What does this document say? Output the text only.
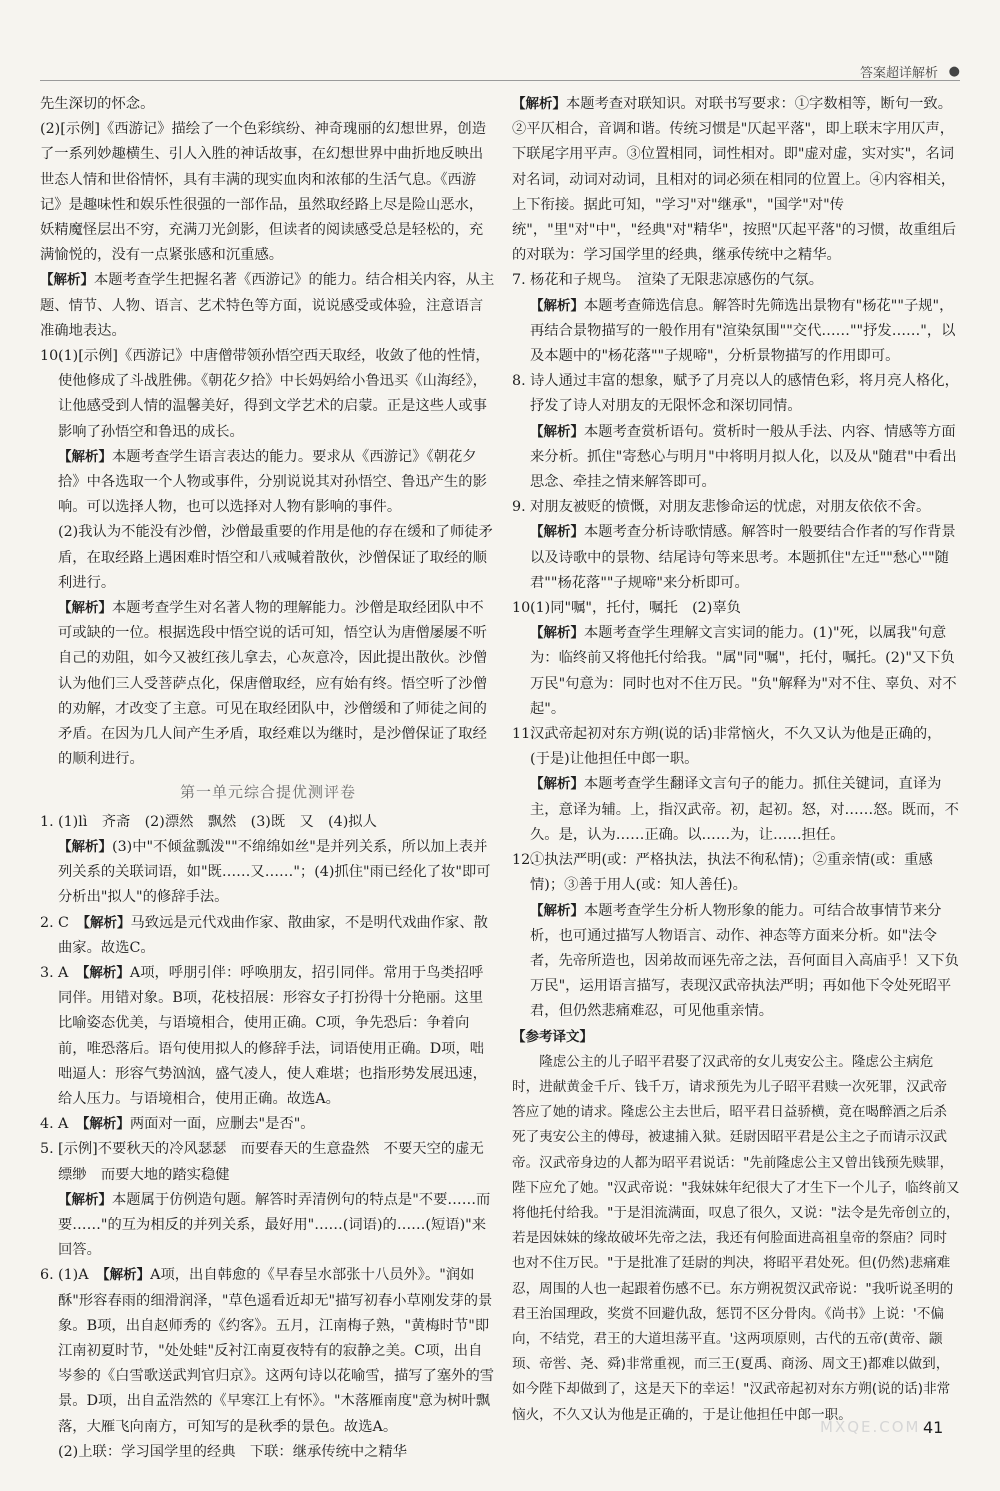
答案超详解析 ●

先生深切的怀念。

(2)[示例]《西游记》描绘了一个色彩缤纷、神奇瑰丽的幻想世界，创造了一系列妙趣横生、引人入胜的神话故事，在幻想世界中曲折地反映出世态人情和世俗情怀，具有丰满的现实血肉和浓郁的生活气息。《西游记》是趣味性和娱乐性很强的一部作品，虽然取经路上尽是险山恶水，妖精魔怪层出不穷，充满刀光剑影，但读者的阅读感受总是轻松的，充满愉悦的，没有一点紧张感和沉重感。

【解析】本题考查学生把握名著《西游记》的能力。结合相关内容，从主题、情节、人物、语言、艺术特色等方面，说说感受或体验，注意语言准确地表达。

10.(1)[示例]《西游记》中唐僧带领孙悟空西天取经，收敛了他的性情，使他修成了斗战胜佛。《朝花夕拾》中长妈妈给小鲁迅买《山海经》，让他感受到人情的温馨美好，得到文学艺术的启蒙。正是这些人或事影响了孙悟空和鲁迅的成长。

【解析】本题考查学生语言表达的能力。要求从《西游记》《朝花夕拾》中各选取一个人物或事件，分别说说其对孙悟空、鲁迅产生的影响。可以选择人物，也可以选择对人物有影响的事件。

(2)我认为不能没有沙僧，沙僧最重要的作用是他的存在缓和了师徒矛盾，在取经路上遇困难时悟空和八戒喊着散伙，沙僧保证了取经的顺利进行。

【解析】本题考查学生对名著人物的理解能力。沙僧是取经团队中不可或缺的一位。根据选段中悟空说的话可知，悟空认为唐僧屡屡不听自己的劝阻，如今又被红孩儿拿去，心灰意冷，因此提出散伙。沙僧认为他们三人受菩萨点化，保唐僧取经，应有始有终。悟空听了沙僧的劝解，才改变了主意。可见在取经团队中，沙僧缓和了师徒之间的矛盾。在因为几人间产生矛盾，取经难以为继时，是沙僧保证了取经的顺利进行。

第一单元综合提优测评卷

1. (1)lì　齐斋　(2)漂然　飘然　(3)既　又　(4)拟人

【解析】(3)中"不倾盆瓢泼""不绵绵如丝"是并列关系，所以加上表并列关系的关联词语，如"既……又……"；(4)抓住"雨已经化了妆"即可分析出"拟人"的修辞手法。

2. C　【解析】马致远是元代戏曲作家、散曲家，不是明代戏曲作家、散曲家。故选C。

3. A　【解析】A项，呼朋引伴：呼唤朋友，招引同伴。常用于鸟类招呼同伴。用错对象。B项，花枝招展：形容女子打扮得十分艳丽。这里比喻姿态优美，与语境相合，使用正确。C项，争先恐后：争着向前，唯恐落后。语句使用拟人的修辞手法，词语使用正确。D项，咄咄逼人：形容气势汹汹，盛气凌人，使人难堪；也指形势发展迅速，给人压力。与语境相合，使用正确。故选A。

4. A　【解析】两面对一面，应删去"是否"。

5. [示例]不要秋天的冷风瑟瑟　而要春天的生意盎然　不要天空的虚无缥缈　而要大地的踏实稳健

【解析】本题属于仿例造句题。解答时弄清例句的特点是"不要……而要……"的互为相反的并列关系，最好用"……(词语)的……(短语)"来回答。

6. (1)A　【解析】A项，出自韩愈的《早春呈水部张十八员外》。"润如酥"形容春雨的细滑润泽，"草色遥看近却无"描写初春小草刚发芽的景象。B项，出自赵师秀的《约客》。五月，江南梅子熟，"黄梅时节"即江南初夏时节，"处处蛙"反衬江南夏夜特有的寂静之美。C项，出自岑参的《白雪歌送武判官归京》。这两句诗以花喻雪，描写了塞外的雪景。D项，出自孟浩然的《早寒江上有怀》。"木落雁南度"意为树叶飘落，大雁飞向南方，可知写的是秋季的景色。故选A。

(2)上联：学习国学里的经典　下联：继承传统中之精华

【解析】本题考查对联知识。对联书写要求：①字数相等，断句一致。②平仄相合，音调和谐。传统习惯是"仄起平落"，即上联末字用仄声，下联尾字用平声。③位置相同，词性相对。即"虚对虚，实对实"，名词对名词，动词对动词，且相对的词必须在相同的位置上。④内容相关，上下衔接。据此可知，"学习"对"继承"，"国学"对"传统"，"里"对"中"，"经典"对"精华"，按照"仄起平落"的习惯，故重组后的对联为：学习国学里的经典，继承传统中之精华。

7. 杨花和子规鸟。　渲染了无限悲凉感伤的气氛。

【解析】本题考查筛选信息。解答时先筛选出景物有"杨花""子规"，再结合景物描写的一般作用有"渲染氛围""交代……""抒发……"，以及本题中的"杨花落""子规啼"，分析景物描写的作用即可。

8. 诗人通过丰富的想象，赋予了月亮以人的感情色彩，将月亮人格化，抒发了诗人对朋友的无限怀念和深切同情。

【解析】本题考查赏析语句。赏析时一般从手法、内容、情感等方面来分析。抓住"寄愁心与明月"中将明月拟人化，以及从"随君"中看出思念、牵挂之情来解答即可。

9. 对朋友被贬的愤慨，对朋友悲惨命运的忧虑，对朋友依依不舍。

【解析】本题考查分析诗歌情感。解答时一般要结合作者的写作背景以及诗歌中的景物、结尾诗句等来思考。本题抓住"左迁""愁心""随君""杨花落""子规啼"来分析即可。

10.(1)同"嘱"，托付，嘱托　(2)辜负

【解析】本题考查学生理解文言实词的能力。(1)"死，以属我"句意为：临终前又将他托付给我。"属"同"嘱"，托付，嘱托。(2)"又下负万民"句意为：同时也对不住万民。"负"解释为"对不住、辜负、对不起"。

11.汉武帝起初对东方朔(说的话)非常恼火，不久又认为他是正确的，(于是)让他担任中郎一职。

【解析】本题考查学生翻译文言句子的能力。抓住关键词，直译为主，意译为辅。上，指汉武帝。初，起初。怒，对……怒。既而，不久。是，认为……正确。以……为，让……担任。

12.①执法严明(或：严格执法，执法不徇私情)；②重亲情(或：重感情)；③善于用人(或：知人善任)。

【解析】本题考查学生分析人物形象的能力。可结合故事情节来分析，也可通过描写人物语言、动作、神态等方面来分析。如"法令者，先帝所造也，因弟故而诬先帝之法，吾何面目入高庙乎！又下负万民"，运用语言描写，表现汉武帝执法严明；再如他下令处死昭平君，但仍然悲痛难忍，可见他重亲情。

【参考译文】

隆虑公主的儿子昭平君娶了汉武帝的女儿夷安公主。隆虑公主病危时，进献黄金千斤、钱千万，请求预先为儿子昭平君赎一次死罪，汉武帝答应了她的请求。隆虑公主去世后，昭平君日益骄横，竟在喝醉酒之后杀死了夷安公主的傅母，被逮捕入狱。廷尉因昭平君是公主之子而请示汉武帝。汉武帝身边的人都为昭平君说话："先前隆虑公主又曾出钱预先赎罪，陛下应允了她。"汉武帝说："我妹妹年纪很大了才生下一个儿子，临终前又将他托付给我。"于是泪流满面，叹息了很久，又说："法令是先帝创立的，若是因妹妹的缘故破坏先帝之法，我还有何脸面进高祖皇帝的祭庙？同时也对不住万民。"于是批准了廷尉的判决，将昭平君处死。但(仍然)悲痛难忍，周围的人也一起跟着伤感不已。东方朔祝贺汉武帝说："我听说圣明的君王治国理政，奖赏不回避仇敌，惩罚不区分骨肉。《尚书》上说：'不偏向，不结党，君王的大道坦荡平直。'这两项原则，古代的五帝(黄帝、颛顼、帝喾、尧、舜)非常重视，而三王(夏禹、商汤、周文王)都难以做到，如今陛下却做到了，这是天下的幸运！"汉武帝起初对东方朔(说的话)非常恼火，不久又认为他是正确的，于是让他担任中郎一职。

MXQE.COM 41
